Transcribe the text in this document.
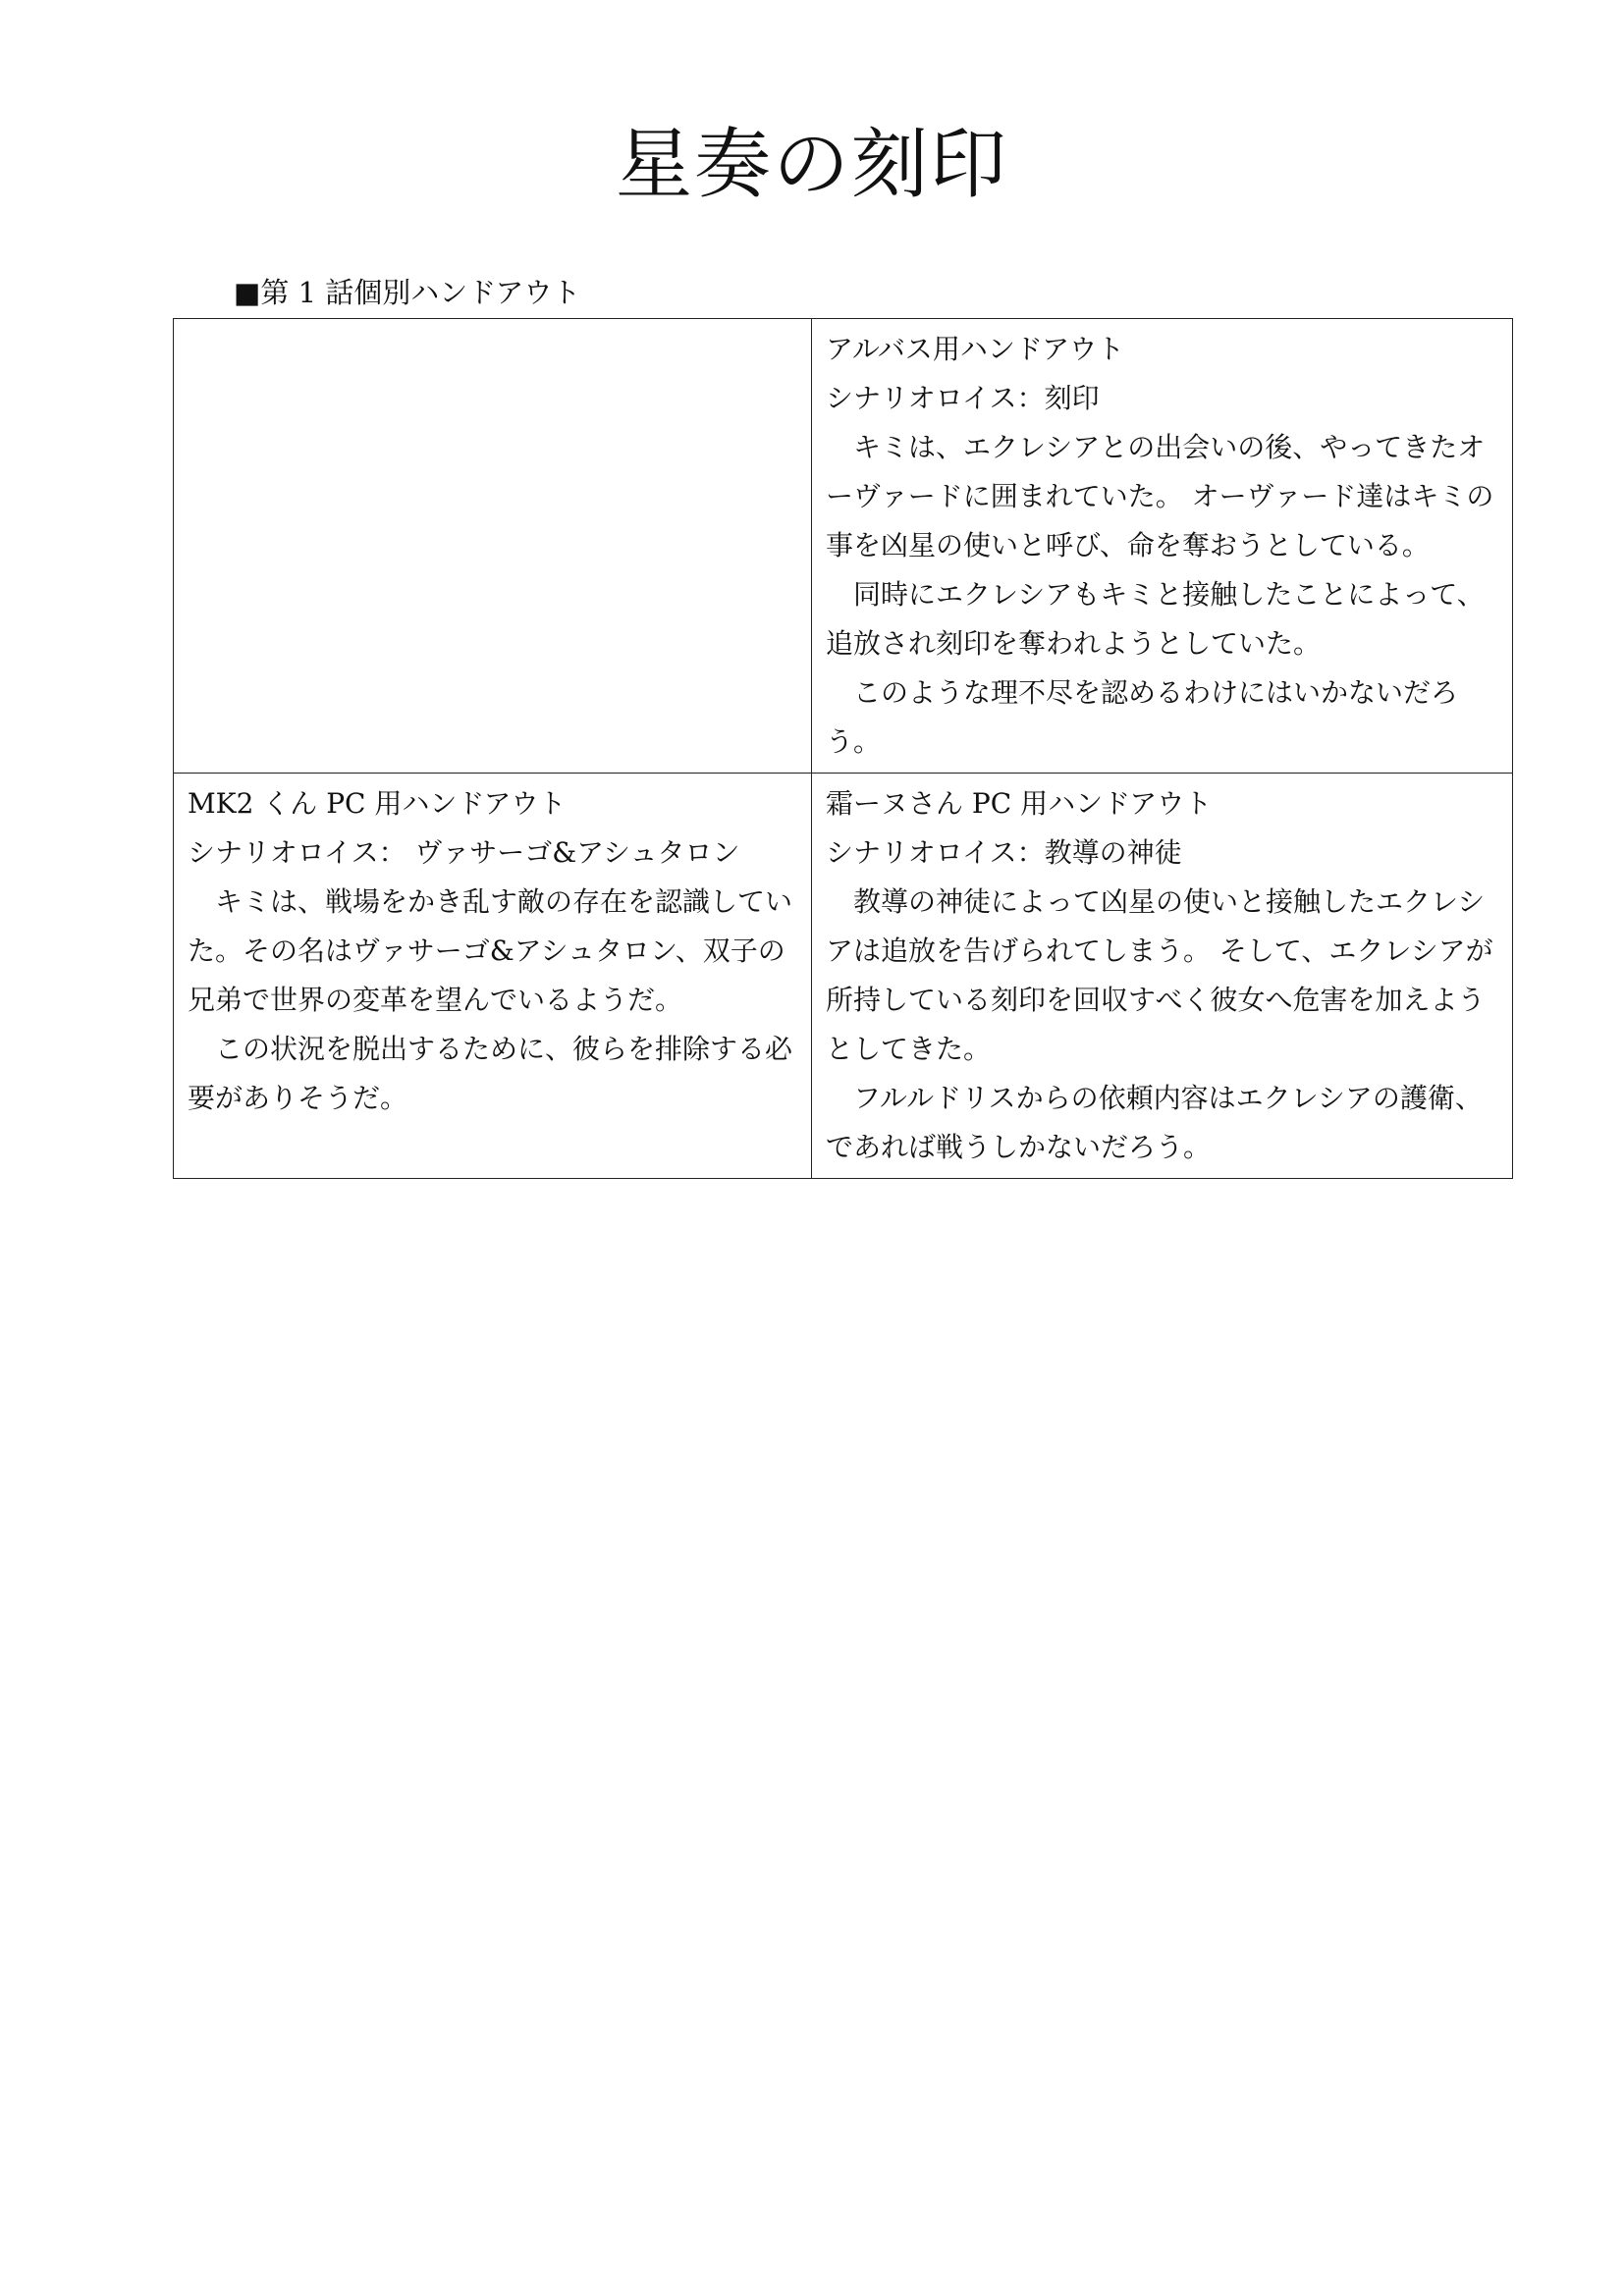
星奏の刻印
■第 1 話個別ハンドアウト

	アルバス用ハンドアウト
シナリオロイス：刻印
キミは、エクレシアとの出会いの後、やってきたオーヴァードに囲まれていた。 オーヴァード達はキミの事を凶星の使いと呼び、命を奪おうとしている。
同時にエクレシアもキミと接触したことによって、追放され刻印を奪われようとしていた。
このような理不尽を認めるわけにはいかないだろう。

MK2 くん PC 用ハンドアウト
シナリオロイス： ヴァサーゴ&アシュタロン
キミは、戦場をかき乱す敵の存在を認識していた。その名はヴァサーゴ&アシュタロン、双子の兄弟で世界の変革を望んでいるようだ。
この状況を脱出するために、彼らを排除する必要がありそうだ。	霜ーヌさん PC 用ハンドアウト
シナリオロイス：教導の神徒
教導の神徒によって凶星の使いと接触したエクレシアは追放を告げられてしまう。 そして、エクレシアが所持している刻印を回収すべく彼女へ危害を加えようとしてきた。
フルルドリスからの依頼内容はエクレシアの護衛、であれば戦うしかないだろう。
